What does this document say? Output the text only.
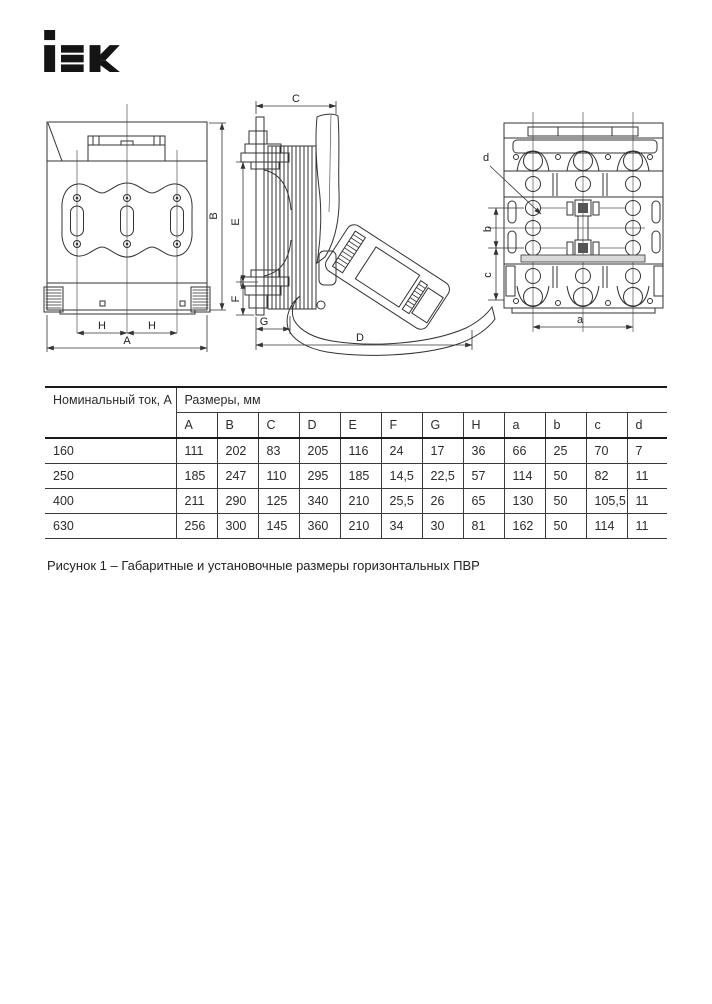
H	H
A
B
C
E
F
G
D
d
b
c
a
Номинальный ток, А	Размеры, мм											
	A	B	C	D	E	F	G	H	a	b	c	d
160	111	202	83	205	116	24	17	36	66	25	70	7
250	185	247	110	295	185	14,5	22,5	57	114	50	82	11
400	211	290	125	340	210	25,5	26	65	130	50	105,5	11
630	256	300	145	360	210	34	30	81	162	50	114	11
Рисунок 1 – Габаритные и установочные размеры горизонтальных ПВР
